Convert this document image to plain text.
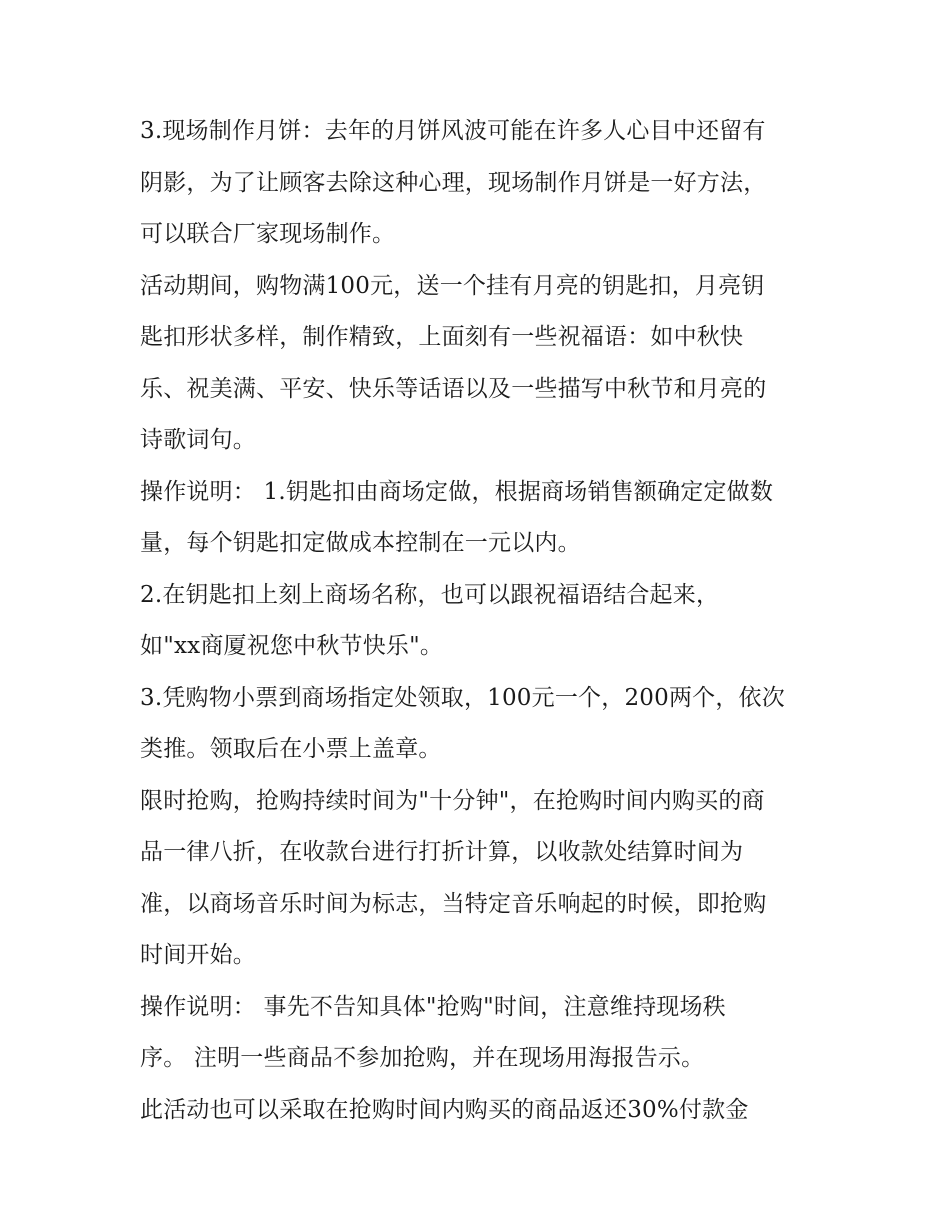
3.现场制作月饼：去年的月饼风波可能在许多人心目中还留有
阴影，为了让顾客去除这种心理，现场制作月饼是一好方法，
可以联合厂家现场制作。
活动期间，购物满100元，送一个挂有月亮的钥匙扣，月亮钥
匙扣形状多样，制作精致，上面刻有一些祝福语：如中秋快
乐、祝美满、平安、快乐等话语以及一些描写中秋节和月亮的
诗歌词句。
操作说明： 1.钥匙扣由商场定做，根据商场销售额确定定做数
量，每个钥匙扣定做成本控制在一元以内。
2.在钥匙扣上刻上商场名称，也可以跟祝福语结合起来，
如"xx商厦祝您中秋节快乐"。
3.凭购物小票到商场指定处领取，100元一个，200两个，依次
类推。领取后在小票上盖章。
限时抢购，抢购持续时间为"十分钟"，在抢购时间内购买的商
品一律八折，在收款台进行打折计算，以收款处结算时间为
准，以商场音乐时间为标志，当特定音乐响起的时候，即抢购
时间开始。
操作说明： 事先不告知具体"抢购"时间，注意维持现场秩
序。 注明一些商品不参加抢购，并在现场用海报告示。
此活动也可以采取在抢购时间内购买的商品返还30%付款金
